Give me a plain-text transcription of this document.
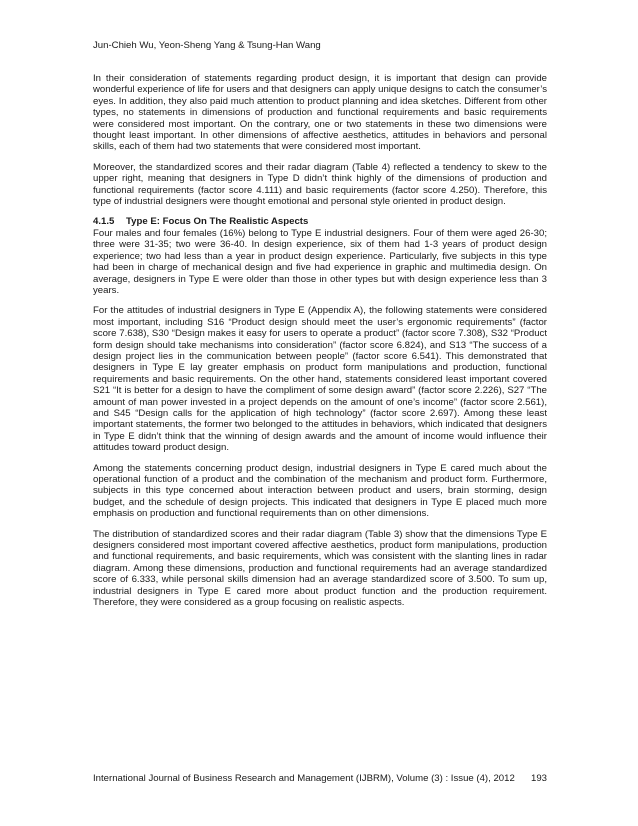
Jun-Chieh Wu, Yeon-Sheng Yang & Tsung-Han Wang

In their consideration of statements regarding product design, it is important that design can provide wonderful experience of life for users and that designers can apply unique designs to catch the consumer’s eyes. In addition, they also paid much attention to product planning and idea sketches. Different from other types, no statements in dimensions of production and functional requirements and basic requirements were considered most important. On the contrary, one or two statements in these two dimensions were thought least important. In other dimensions of affective aesthetics, attitudes in behaviors and personal skills, each of them had two statements that were considered most important.

Moreover, the standardized scores and their radar diagram (Table 4) reflected a tendency to skew to the upper right, meaning that designers in Type D didn’t think highly of the dimensions of production and functional requirements (factor score 4.111) and basic requirements (factor score 4.250). Therefore, this type of industrial designers were thought emotional and personal style oriented in product design.

4.1.5 Type E: Focus On The Realistic Aspects

Four males and four females (16%) belong to Type E industrial designers. Four of them were aged 26-30; three were 31-35; two were 36-40. In design experience, six of them had 1-3 years of product design experience; two had less than a year in product design experience. Particularly, five subjects in this type had been in charge of mechanical design and five had experience in graphic and multimedia design. On average, designers in Type E were older than those in other types but with design experience less than 3 years.

For the attitudes of industrial designers in Type E (Appendix A), the following statements were considered most important, including S16 “Product design should meet the user’s ergonomic requirements” (factor score 7.638), S30 “Design makes it easy for users to operate a product” (factor score 7.308), S32 “Product form design should take mechanisms into consideration” (factor score 6.824), and S13 “The success of a design project lies in the communication between people” (factor score 6.541). This demonstrated that designers in Type E lay greater emphasis on product form manipulations and production, functional requirements and basic requirements. On the other hand, statements considered least important covered S21 “It is better for a design to have the compliment of some design award” (factor score 2.226), S27 “The amount of man power invested in a project depends on the amount of one’s income” (factor score 2.561), and S45 “Design calls for the application of high technology” (factor score 2.697). Among these least important statements, the former two belonged to the attitudes in behaviors, which indicated that designers in Type E didn’t think that the winning of design awards and the amount of income would influence their attitudes toward product design.

Among the statements concerning product design, industrial designers in Type E cared much about the operational function of a product and the combination of the mechanism and product form. Furthermore, subjects in this type concerned about interaction between product and users, brain storming, design budget, and the schedule of design projects. This indicated that designers in Type E placed much more emphasis on production and functional requirements than on other dimensions.

The distribution of standardized scores and their radar diagram (Table 3) show that the dimensions Type E designers considered most important covered affective aesthetics, product form manipulations, production and functional requirements, and basic requirements, which was consistent with the slanting lines in radar diagram. Among these dimensions, production and functional requirements had an average standardized score of 6.333, while personal skills dimension had an average standardized score of 3.500. To sum up, industrial designers in Type E cared more about product function and the production requirement. Therefore, they were considered as a group focusing on realistic aspects.

International Journal of Business Research and Management (IJBRM), Volume (3) : Issue (4), 2012 193
